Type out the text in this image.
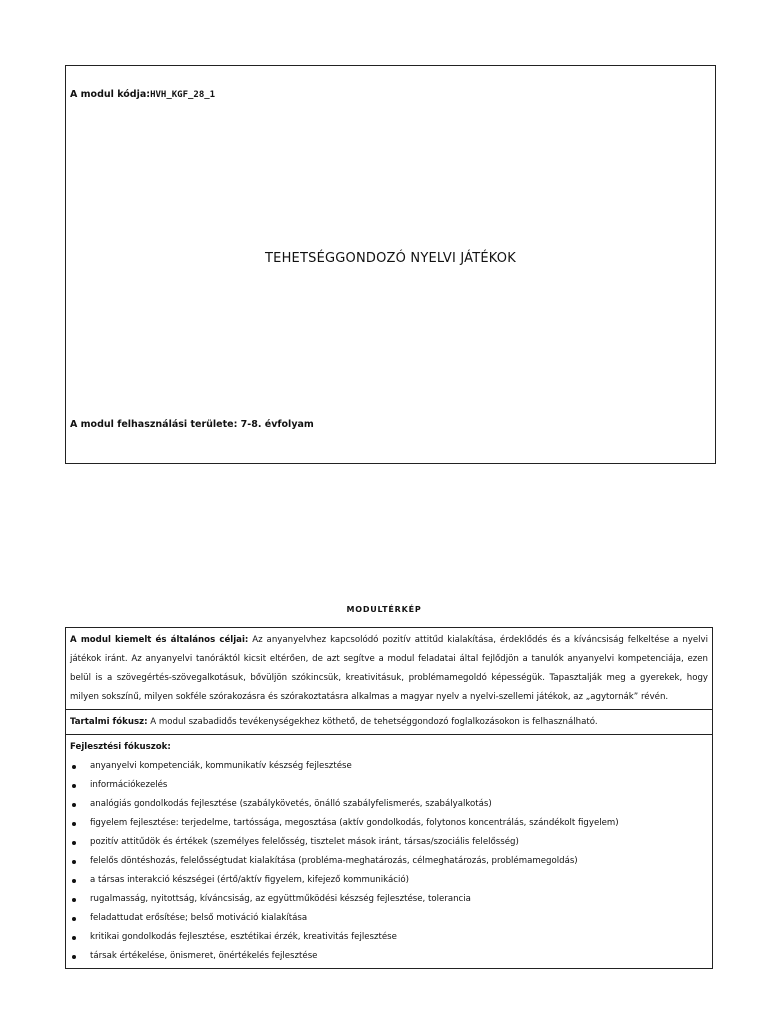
A modul kódja:HVH_KGF_28_1
TEHETSÉGGONDOZÓ NYELVI JÁTÉKOK
A modul felhasználási területe: 7-8. évfolyam
MODULTÉRKÉP
A modul kiemelt és általános céljai: Az anyanyelvhez kapcsolódó pozitív attitűd kialakítása, érdeklődés és a kíváncsiság felkeltése a nyelvi játékok iránt. Az anyanyelvi tanóráktól kicsit eltérően, de azt segítve a modul feladatai által fejlődjön a tanulók anyanyelvi kompetenciája, ezen belül is a szövegértés-szövegalkotásuk, bővüljön szókincsük, kreativitásuk, problémamegoldó képességük. Tapasztalják meg a gyerekek, hogy milyen sokszínű, milyen sokféle szórakozásra és szórakoztatásra alkalmas a magyar nyelv a nyelvi-szellemi játékok, az „agytornák” révén.
Tartalmi fókusz: A modul szabadidős tevékenységekhez köthető, de tehetséggondozó foglalkozásokon is felhasználható.
Fejlesztési fókuszok:
anyanyelvi kompetenciák, kommunikatív készség fejlesztése
információkezelés
analógiás gondolkodás fejlesztése (szabálykövetés, önálló szabályfelismerés, szabályalkotás)
figyelem fejlesztése: terjedelme, tartóssága, megosztása (aktív gondolkodás, folytonos koncentrálás, szándékolt figyelem)
pozitív attitűdök és értékek (személyes felelősség, tisztelet mások iránt, társas/szociális felelősség)
felelős döntéshozás, felelősségtudat kialakítása (probléma-meghatározás, célmeghatározás, problémamegoldás)
a társas interakció készségei (értő/aktív figyelem, kifejező kommunikáció)
rugalmasság, nyitottság, kíváncsiság, az együttműködési készség fejlesztése, tolerancia
feladattudat erősítése; belső motiváció kialakítása
kritikai gondolkodás fejlesztése, esztétikai érzék, kreativitás fejlesztése
társak értékelése, önismeret, önértékelés fejlesztése
